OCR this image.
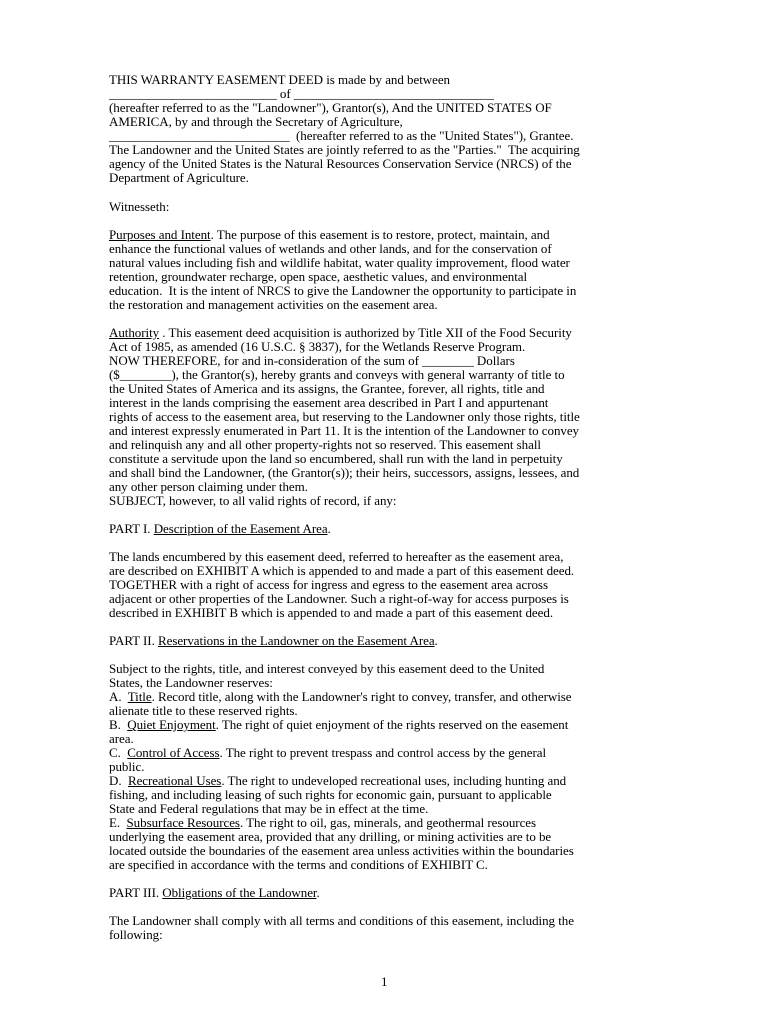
THIS WARRANTY EASEMENT DEED is made by and between
__________________________ of _______________________________
(hereafter referred to as the "Landowner"), Grantor(s), And the UNITED STATES OF
AMERICA, by and through the Secretary of Agriculture,
____________________________  (hereafter referred to as the "United States"), Grantee.
The Landowner and the United States are jointly referred to as the "Parties."  The acquiring
agency of the United States is the Natural Resources Conservation Service (NRCS) of the
Department of Agriculture.
Witnesseth:
Purposes and Intent. The purpose of this easement is to restore, protect, maintain, and
enhance the functional values of wetlands and other lands, and for the conservation of
natural values including fish and wildlife habitat, water quality improvement, flood water
retention, groundwater recharge, open space, aesthetic values, and environmental
education.  It is the intent of NRCS to give the Landowner the opportunity to participate in
the restoration and management activities on the easement area.
Authority . This easement deed acquisition is authorized by Title XII of the Food Security
Act of 1985, as amended (16 U.S.C. § 3837), for the Wetlands Reserve Program.
NOW THEREFORE, for and in-consideration of the sum of ________ Dollars
($________), the Grantor(s), hereby grants and conveys with general warranty of title to
the United States of America and its assigns, the Grantee, forever, all rights, title and
interest in the lands comprising the easement area described in Part I and appurtenant
rights of access to the easement area, but reserving to the Landowner only those rights, title
and interest expressly enumerated in Part 11. It is the intention of the Landowner to convey
and relinquish any and all other property-rights not so reserved. This easement shall
constitute a servitude upon the land so encumbered, shall run with the land in perpetuity
and shall bind the Landowner, (the Grantor(s)); their heirs, successors, assigns, lessees, and
any other person claiming under them.
SUBJECT, however, to all valid rights of record, if any:
PART I. Description of the Easement Area.
The lands encumbered by this easement deed, referred to hereafter as the easement area,
are described on EXHIBIT A which is appended to and made a part of this easement deed.
TOGETHER with a right of access for ingress and egress to the easement area across
adjacent or other properties of the Landowner. Such a right-of-way for access purposes is
described in EXHIBIT B which is appended to and made a part of this easement deed.
PART II. Reservations in the Landowner on the Easement Area.
Subject to the rights, title, and interest conveyed by this easement deed to the United
States, the Landowner reserves:
A.  Title. Record title, along with the Landowner's right to convey, transfer, and otherwise
alienate title to these reserved rights.
B.  Quiet Enjoyment. The right of quiet enjoyment of the rights reserved on the easement
area.
C.  Control of Access. The right to prevent trespass and control access by the general
public.
D.  Recreational Uses. The right to undeveloped recreational uses, including hunting and
fishing, and including leasing of such rights for economic gain, pursuant to applicable
State and Federal regulations that may be in effect at the time.
E.  Subsurface Resources. The right to oil, gas, minerals, and geothermal resources
underlying the easement area, provided that any drilling, or mining activities are to be
located outside the boundaries of the easement area unless activities within the boundaries
are specified in accordance with the terms and conditions of EXHIBIT C.
PART III. Obligations of the Landowner.
The Landowner shall comply with all terms and conditions of this easement, including the
following:
1
